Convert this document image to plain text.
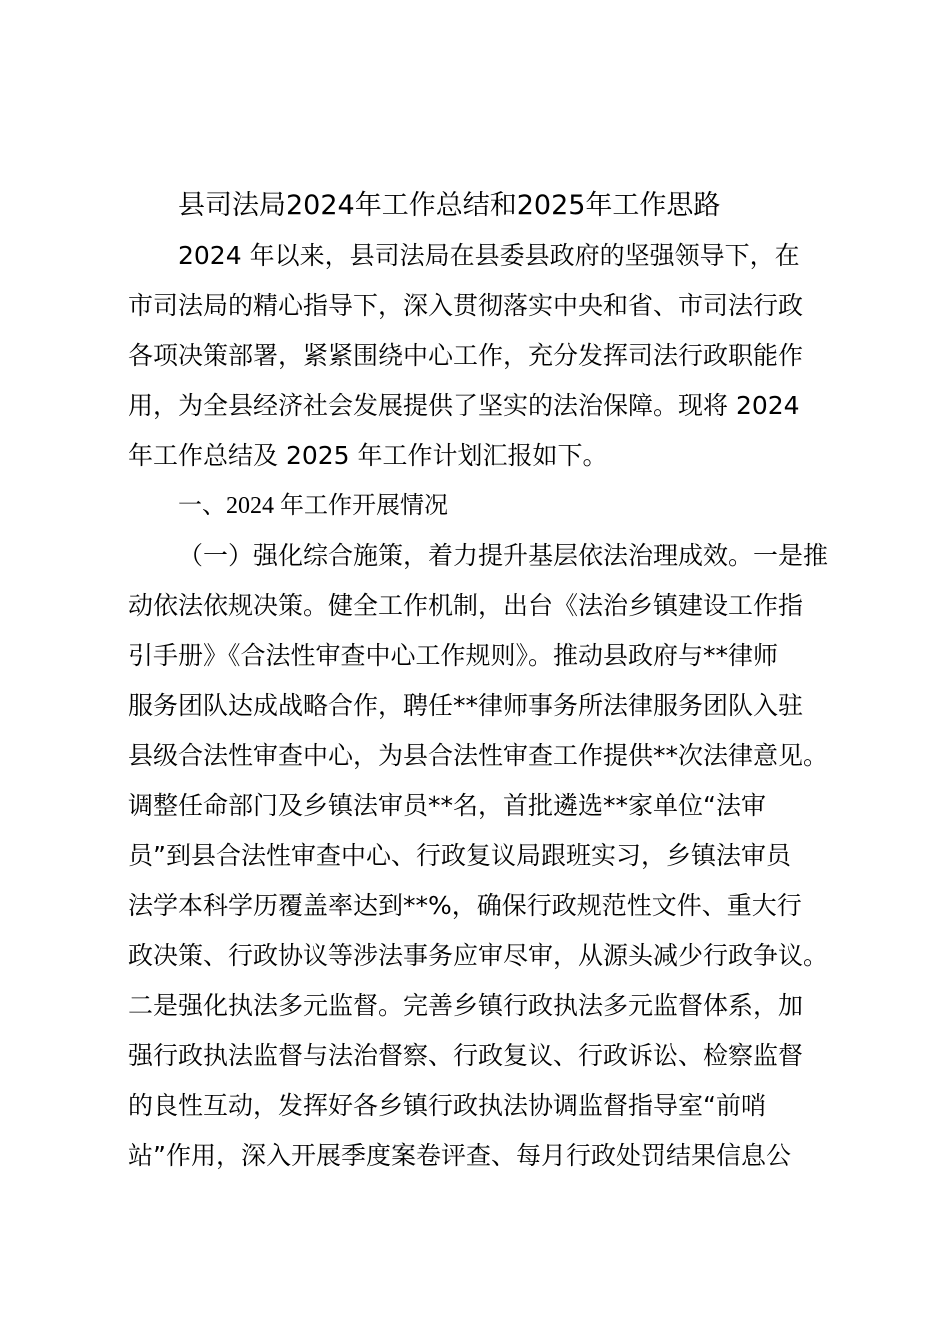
县司法局2024年工作总结和2025年工作思路

2024 年以来，县司法局在县委县政府的坚强领导下，在

市司法局的精心指导下，深入贯彻落实中央和省、市司法行政

各项决策部署，紧紧围绕中心工作，充分发挥司法行政职能作

用，为全县经济社会发展提供了坚实的法治保障。现将 2024

年工作总结及 2025 年工作计划汇报如下。

一、2024 年工作开展情况

（一）强化综合施策，着力提升基层依法治理成效。一是推

动依法依规决策。健全工作机制，出台《法治乡镇建设工作指

引手册》《合法性审查中心工作规则》。推动县政府与**律师

服务团队达成战略合作，聘任**律师事务所法律服务团队入驻

县级合法性审查中心，为县合法性审查工作提供**次法律意见。

调整任命部门及乡镇法审员**名，首批遴选**家单位“法审

员”到县合法性审查中心、行政复议局跟班实习，乡镇法审员

法学本科学历覆盖率达到**%，确保行政规范性文件、重大行

政决策、行政协议等涉法事务应审尽审，从源头减少行政争议。

二是强化执法多元监督。完善乡镇行政执法多元监督体系，加

强行政执法监督与法治督察、行政复议、行政诉讼、检察监督

的良性互动，发挥好各乡镇行政执法协调监督指导室“前哨

站”作用，深入开展季度案卷评查、每月行政处罚结果信息公
